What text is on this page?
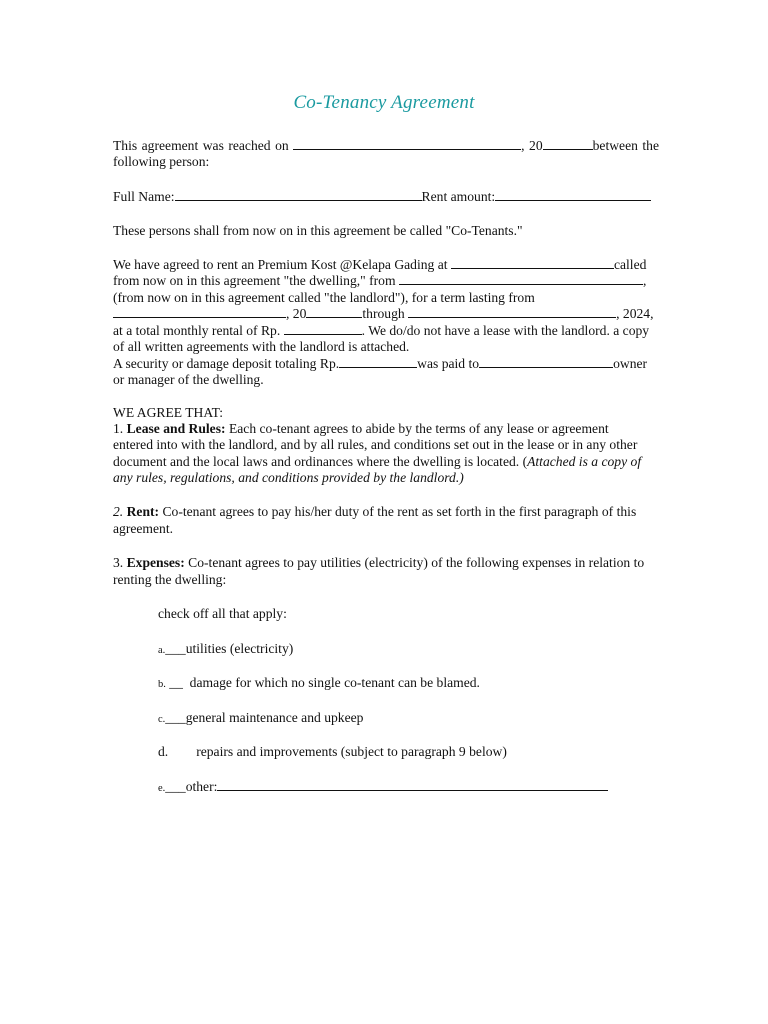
Co-Tenancy Agreement
This agreement was reached on	, 20	between the
following person:
Full Name:	Rent amount:
These persons shall from now on in this agreement be called "Co-Tenants."
We have agreed to rent an Premium Kost @Kelapa Gading at	called
from now on in this agreement "the dwelling," from	,
(from now on in this agreement called "the landlord"), for a term lasting from
, 20	through	, 2024,
at a total monthly rental of Rp.	. We do/do not have a lease with the landlord. a copy
of all written agreements with the landlord is attached.
A security or damage deposit totaling Rp.	was paid to	owner
or manager of the dwelling.
WE AGREE THAT:
1. Lease and Rules: Each co-tenant agrees to abide by the terms of any lease or agreement
entered into with the landlord, and by all rules, and conditions set out in the lease or in any other
document and the local laws and ordinances where the dwelling is located. (Attached is a copy of
any rules, regulations, and conditions provided by the landlord.)
2. Rent: Co-tenant agrees to pay his/her duty of the rent as set forth in the first paragraph of this
agreement.
3. Expenses: Co-tenant agrees to pay utilities (electricity) of the following expenses in relation to
renting the dwelling:
check off all that apply:
a.___utilities (electricity)
b. __  damage for which no single co-tenant can be blamed.
c.___general maintenance and upkeep
d. repairs and improvements (subject to paragraph 9 below)
e.___other:
